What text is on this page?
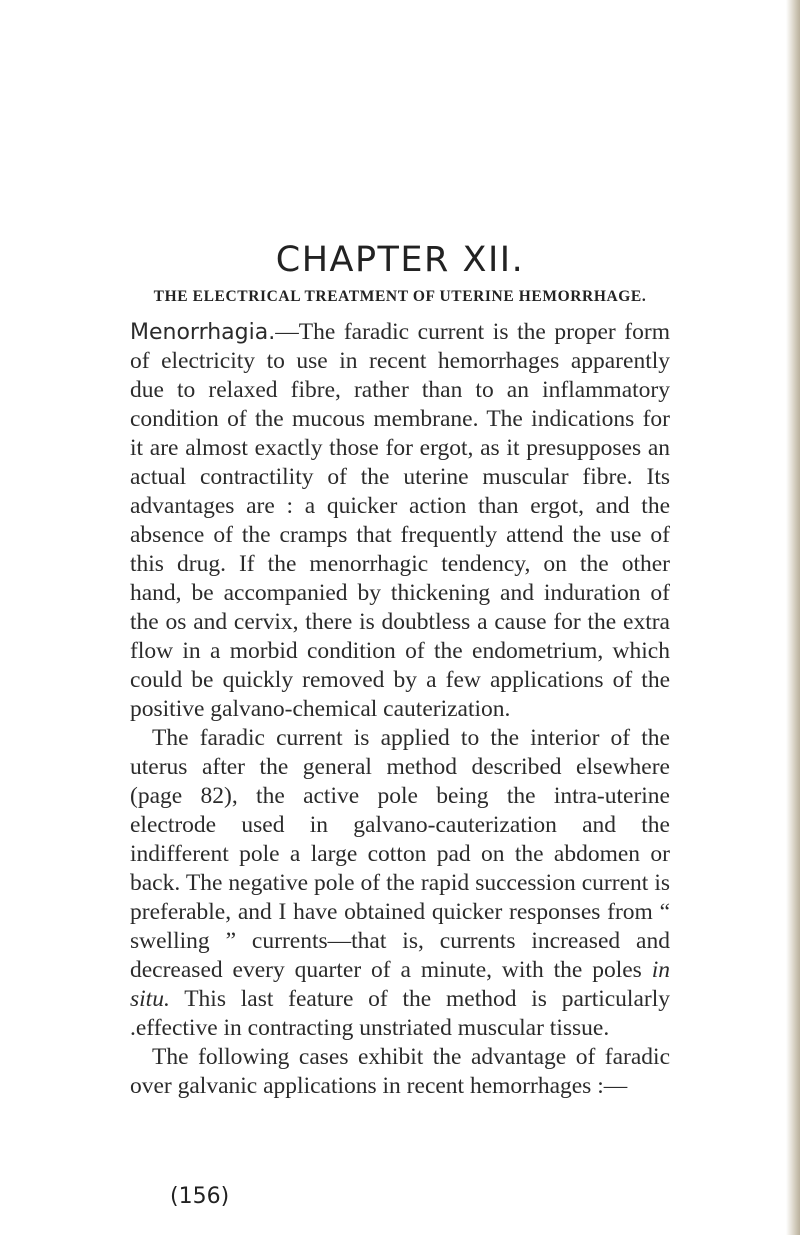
CHAPTER XII.
THE ELECTRICAL TREATMENT OF UTERINE HEMORRHAGE.

Menorrhagia.—The faradic current is the proper form of electricity to use in recent hemorrhages apparently due to relaxed fibre, rather than to an inflammatory condition of the mucous membrane. The indications for it are almost exactly those for ergot, as it presupposes an actual contractility of the uterine muscular fibre. Its advantages are : a quicker action than ergot, and the absence of the cramps that frequently attend the use of this drug. If the menorrhagic tendency, on the other hand, be accompanied by thickening and induration of the os and cervix, there is doubtless a cause for the extra flow in a morbid condition of the endometrium, which could be quickly removed by a few applications of the positive galvano-chemical cauterization.

The faradic current is applied to the interior of the uterus after the general method described elsewhere (page 82), the active pole being the intra-uterine electrode used in galvano-cauterization and the indifferent pole a large cotton pad on the abdomen or back. The negative pole of the rapid succession current is preferable, and I have obtained quicker responses from “ swelling ” currents—that is, currents increased and decreased every quarter of a minute, with the poles in situ. This last feature of the method is particularly .effective in contracting unstriated muscular tissue.

The following cases exhibit the advantage of faradic over galvanic applications in recent hemorrhages :—

(156)
